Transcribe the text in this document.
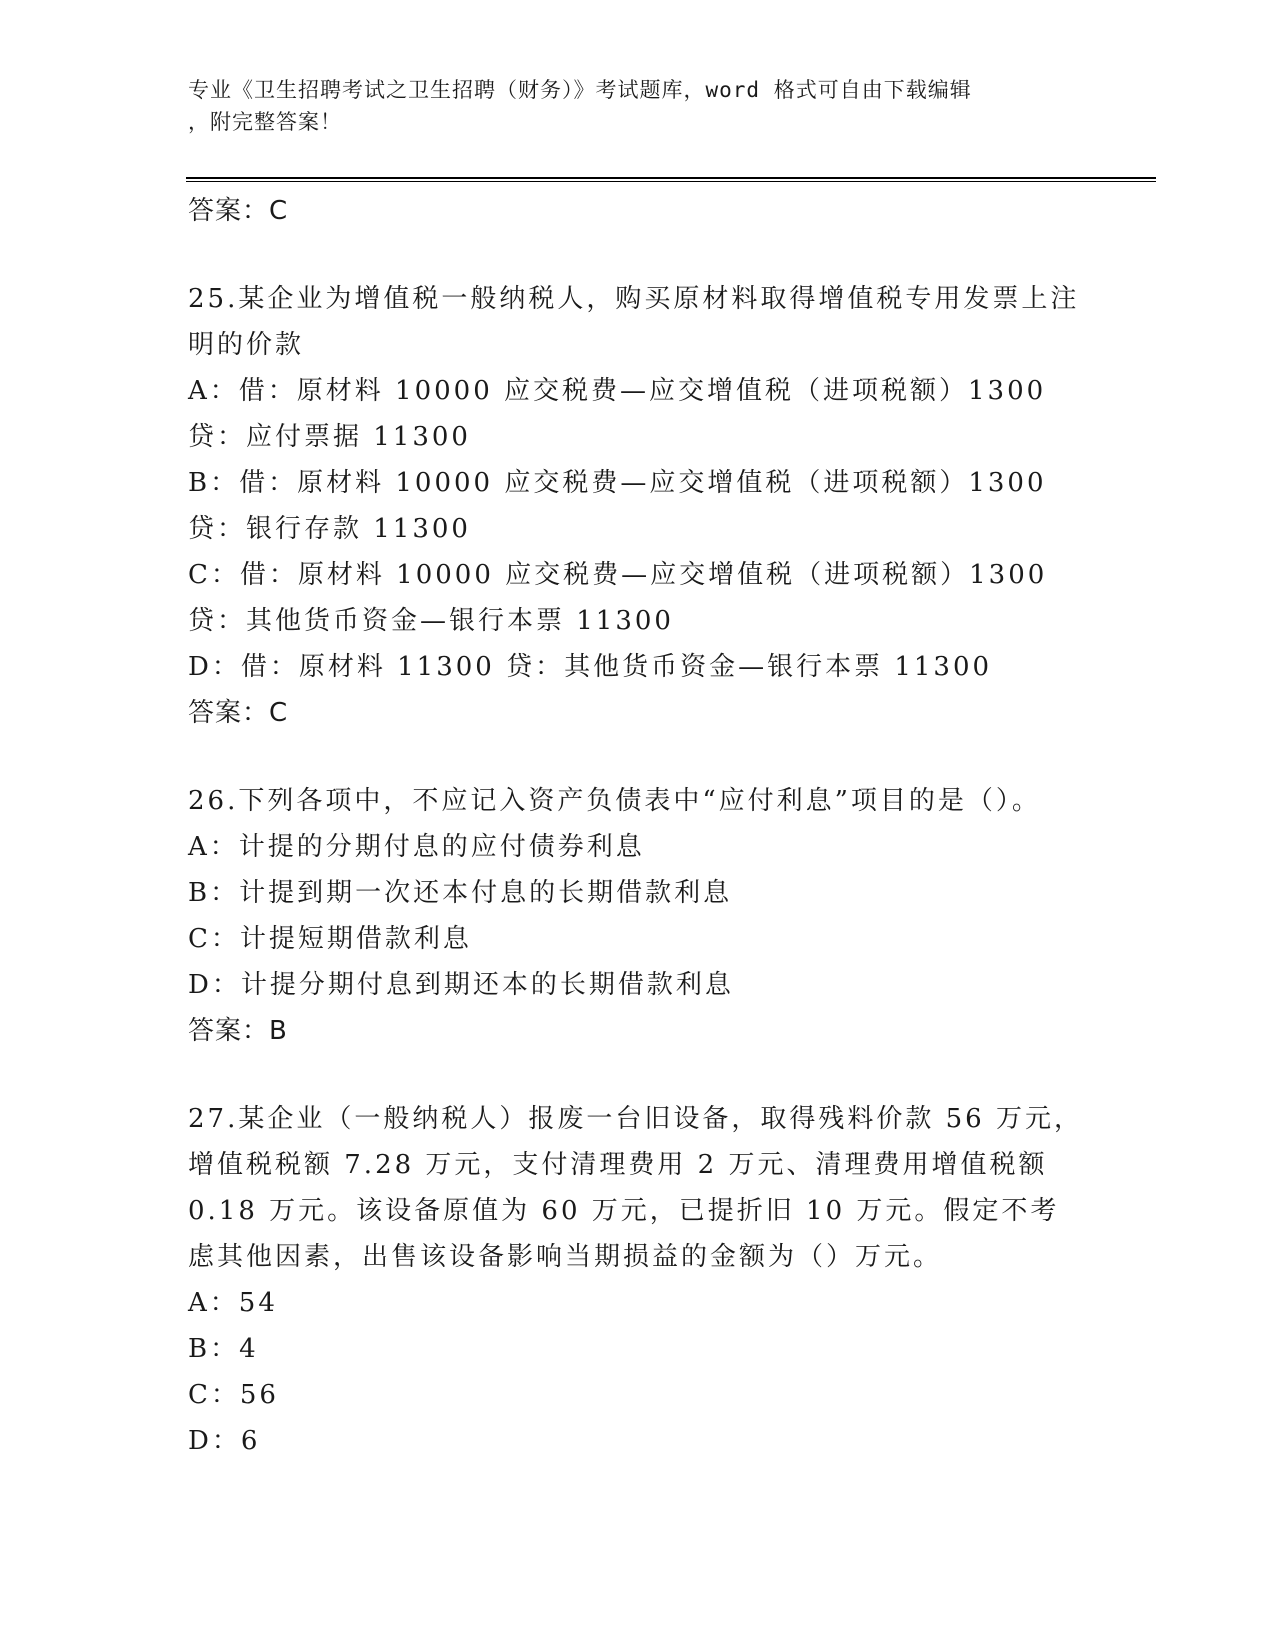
专业《卫生招聘考试之卫生招聘（财务）》考试题库，word 格式可自由下载编辑
，附完整答案！
答案：C
25.某企业为增值税一般纳税人，购买原材料取得增值税专用发票上注明的价款
A：借：原材料 10000 应交税费—应交增值税（进项税额）1300 贷：应付票据 11300
B：借：原材料 10000 应交税费—应交增值税（进项税额）1300 贷：银行存款 11300
C：借：原材料 10000 应交税费—应交增值税（进项税额）1300 贷：其他货币资金—银行本票 11300
D：借：原材料 11300 贷：其他货币资金—银行本票 11300
答案：C
26.下列各项中，不应记入资产负债表中“应付利息”项目的是（）。
A：计提的分期付息的应付债券利息
B：计提到期一次还本付息的长期借款利息
C：计提短期借款利息
D：计提分期付息到期还本的长期借款利息
答案：B
27.某企业（一般纳税人）报废一台旧设备，取得残料价款 56 万元，增值税税额 7.28 万元，支付清理费用 2 万元、清理费用增值税额 0.18 万元。该设备原值为 60 万元，已提折旧 10 万元。假定不考虑其他因素，出售该设备影响当期损益的金额为（）万元。
A：54
B：4
C：56
D：6
